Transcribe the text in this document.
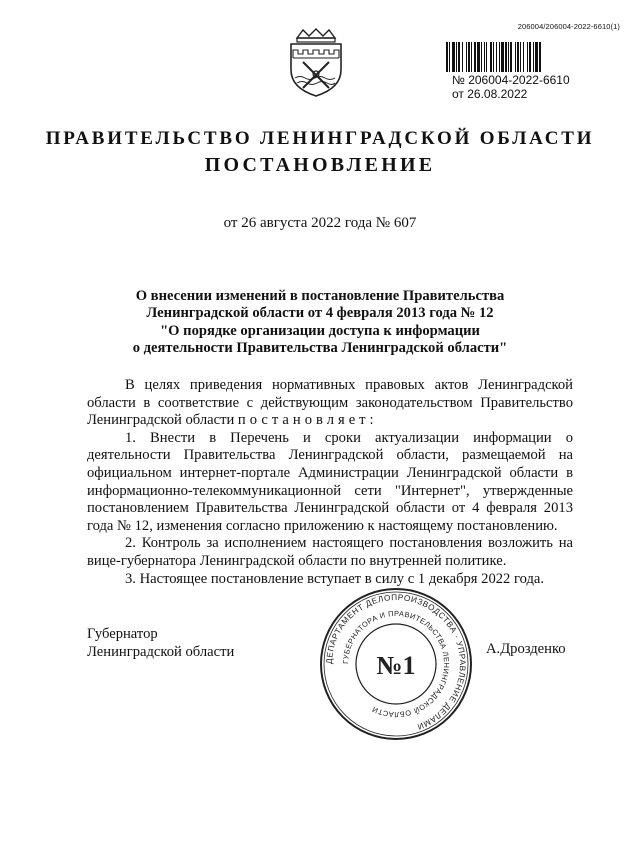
206004/206004-2022-6610(1)
№ 206004-2022-6610
от 26.08.2022
ПРАВИТЕЛЬСТВО ЛЕНИНГРАДСКОЙ ОБЛАСТИ
ПОСТАНОВЛЕНИЕ
от 26 августа 2022 года № 607
О внесении изменений в постановление Правительства
Ленинградской области от 4 февраля 2013 года № 12
"О порядке организации доступа к информации
о деятельности Правительства Ленинградской области"

В целях приведения нормативных правовых актов Ленинградской области в соответствие с действующим законодательством Правительство Ленинградской области постановляет:

1. Внести в Перечень и сроки актуализации информации о деятельности Правительства Ленинградской области, размещаемой на официальном интернет-портале Администрации Ленинградской области в информационно-телекоммуникационной сети "Интернет", утвержденные постановлением Правительства Ленинградской области от 4 февраля 2013 года № 12, изменения согласно приложению к настоящему постановлению.

2. Контроль за исполнением настоящего постановления возложить на вице-губернатора Ленинградской области по внутренней политике.

3. Настоящее постановление вступает в силу с 1 декабря 2022 года.

Губернатор
Ленинградской области	А.Дрозденко
ДЕПАРТАМЕНТ ДЕЛОПРОИЗВОДСТВА · УПРАВЛЕНИЕ ДЕЛАМИ
ГУБЕРНАТОРА И ПРАВИТЕЛЬСТВА ЛЕНИНГРАДСКОЙ ОБЛАСТИ
№1
